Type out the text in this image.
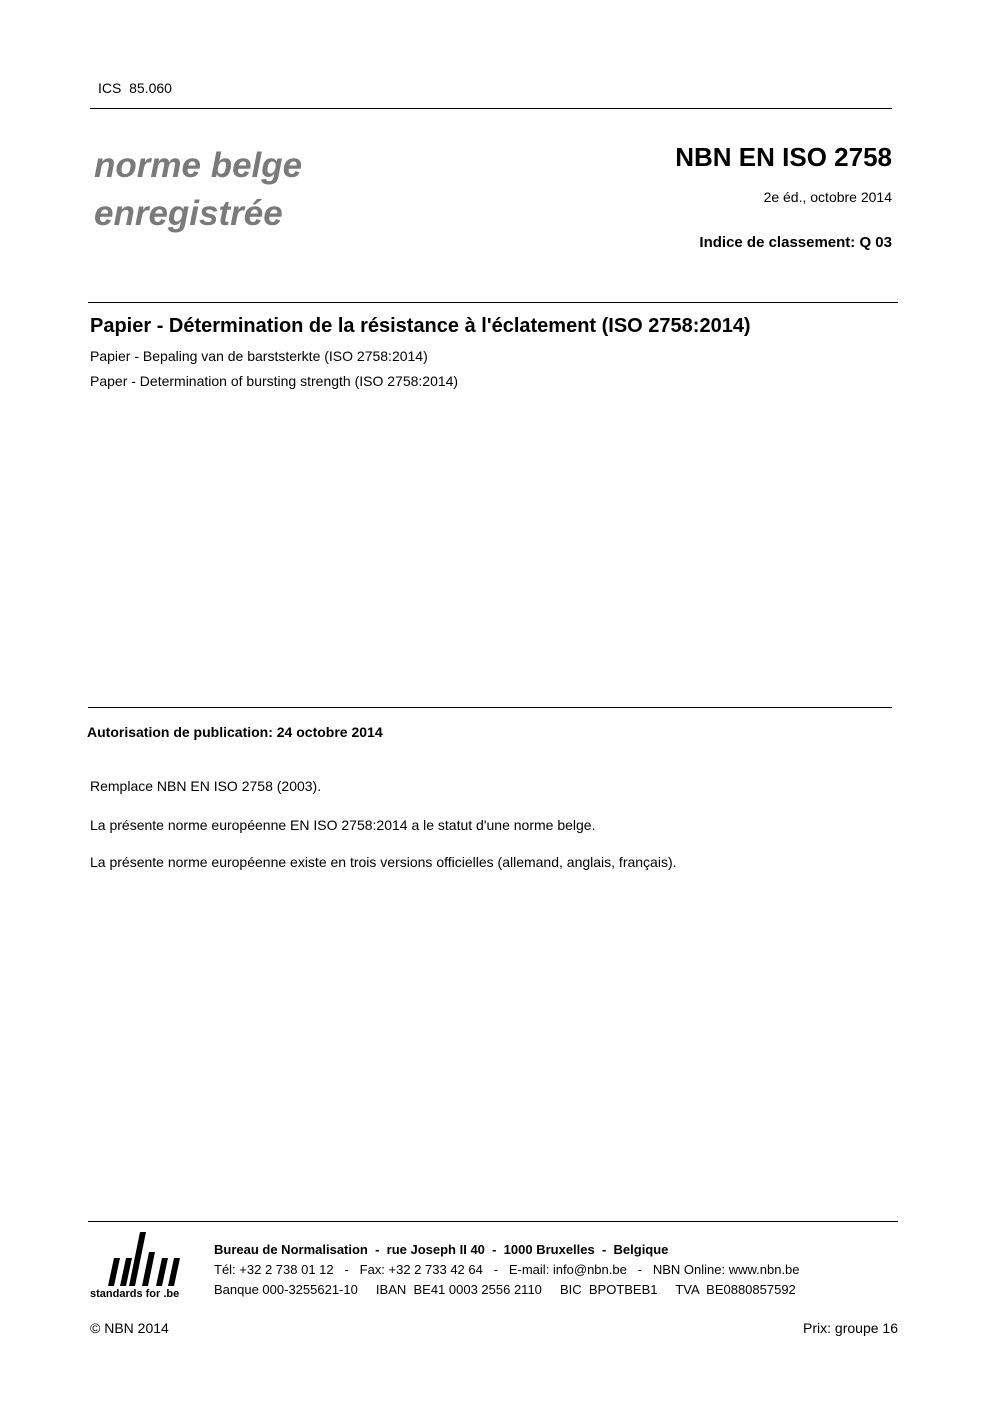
ICS  85.060
norme belge
enregistrée
NBN EN ISO 2758
2e éd., octobre 2014
Indice de classement: Q 03
Papier - Détermination de la résistance à l'éclatement (ISO 2758:2014)
Papier - Bepaling van de barststerkte (ISO 2758:2014)
Paper - Determination of bursting strength (ISO 2758:2014)
Autorisation de publication: 24 octobre 2014
Remplace NBN EN ISO 2758 (2003).
La présente norme européenne EN ISO 2758:2014 a le statut d'une norme belge.
La présente norme européenne existe en trois versions officielles (allemand, anglais, français).
standards for .be
Bureau de Normalisation  -  rue Joseph II 40  -  1000 Bruxelles  -  Belgique
Tél: +32 2 738 01 12   -   Fax: +32 2 733 42 64   -   E-mail: info@nbn.be   -   NBN Online: www.nbn.be
Banque 000-3255621-10     IBAN  BE41 0003 2556 2110     BIC  BPOTBEB1     TVA  BE0880857592
© NBN 2014	Prix: groupe 16
